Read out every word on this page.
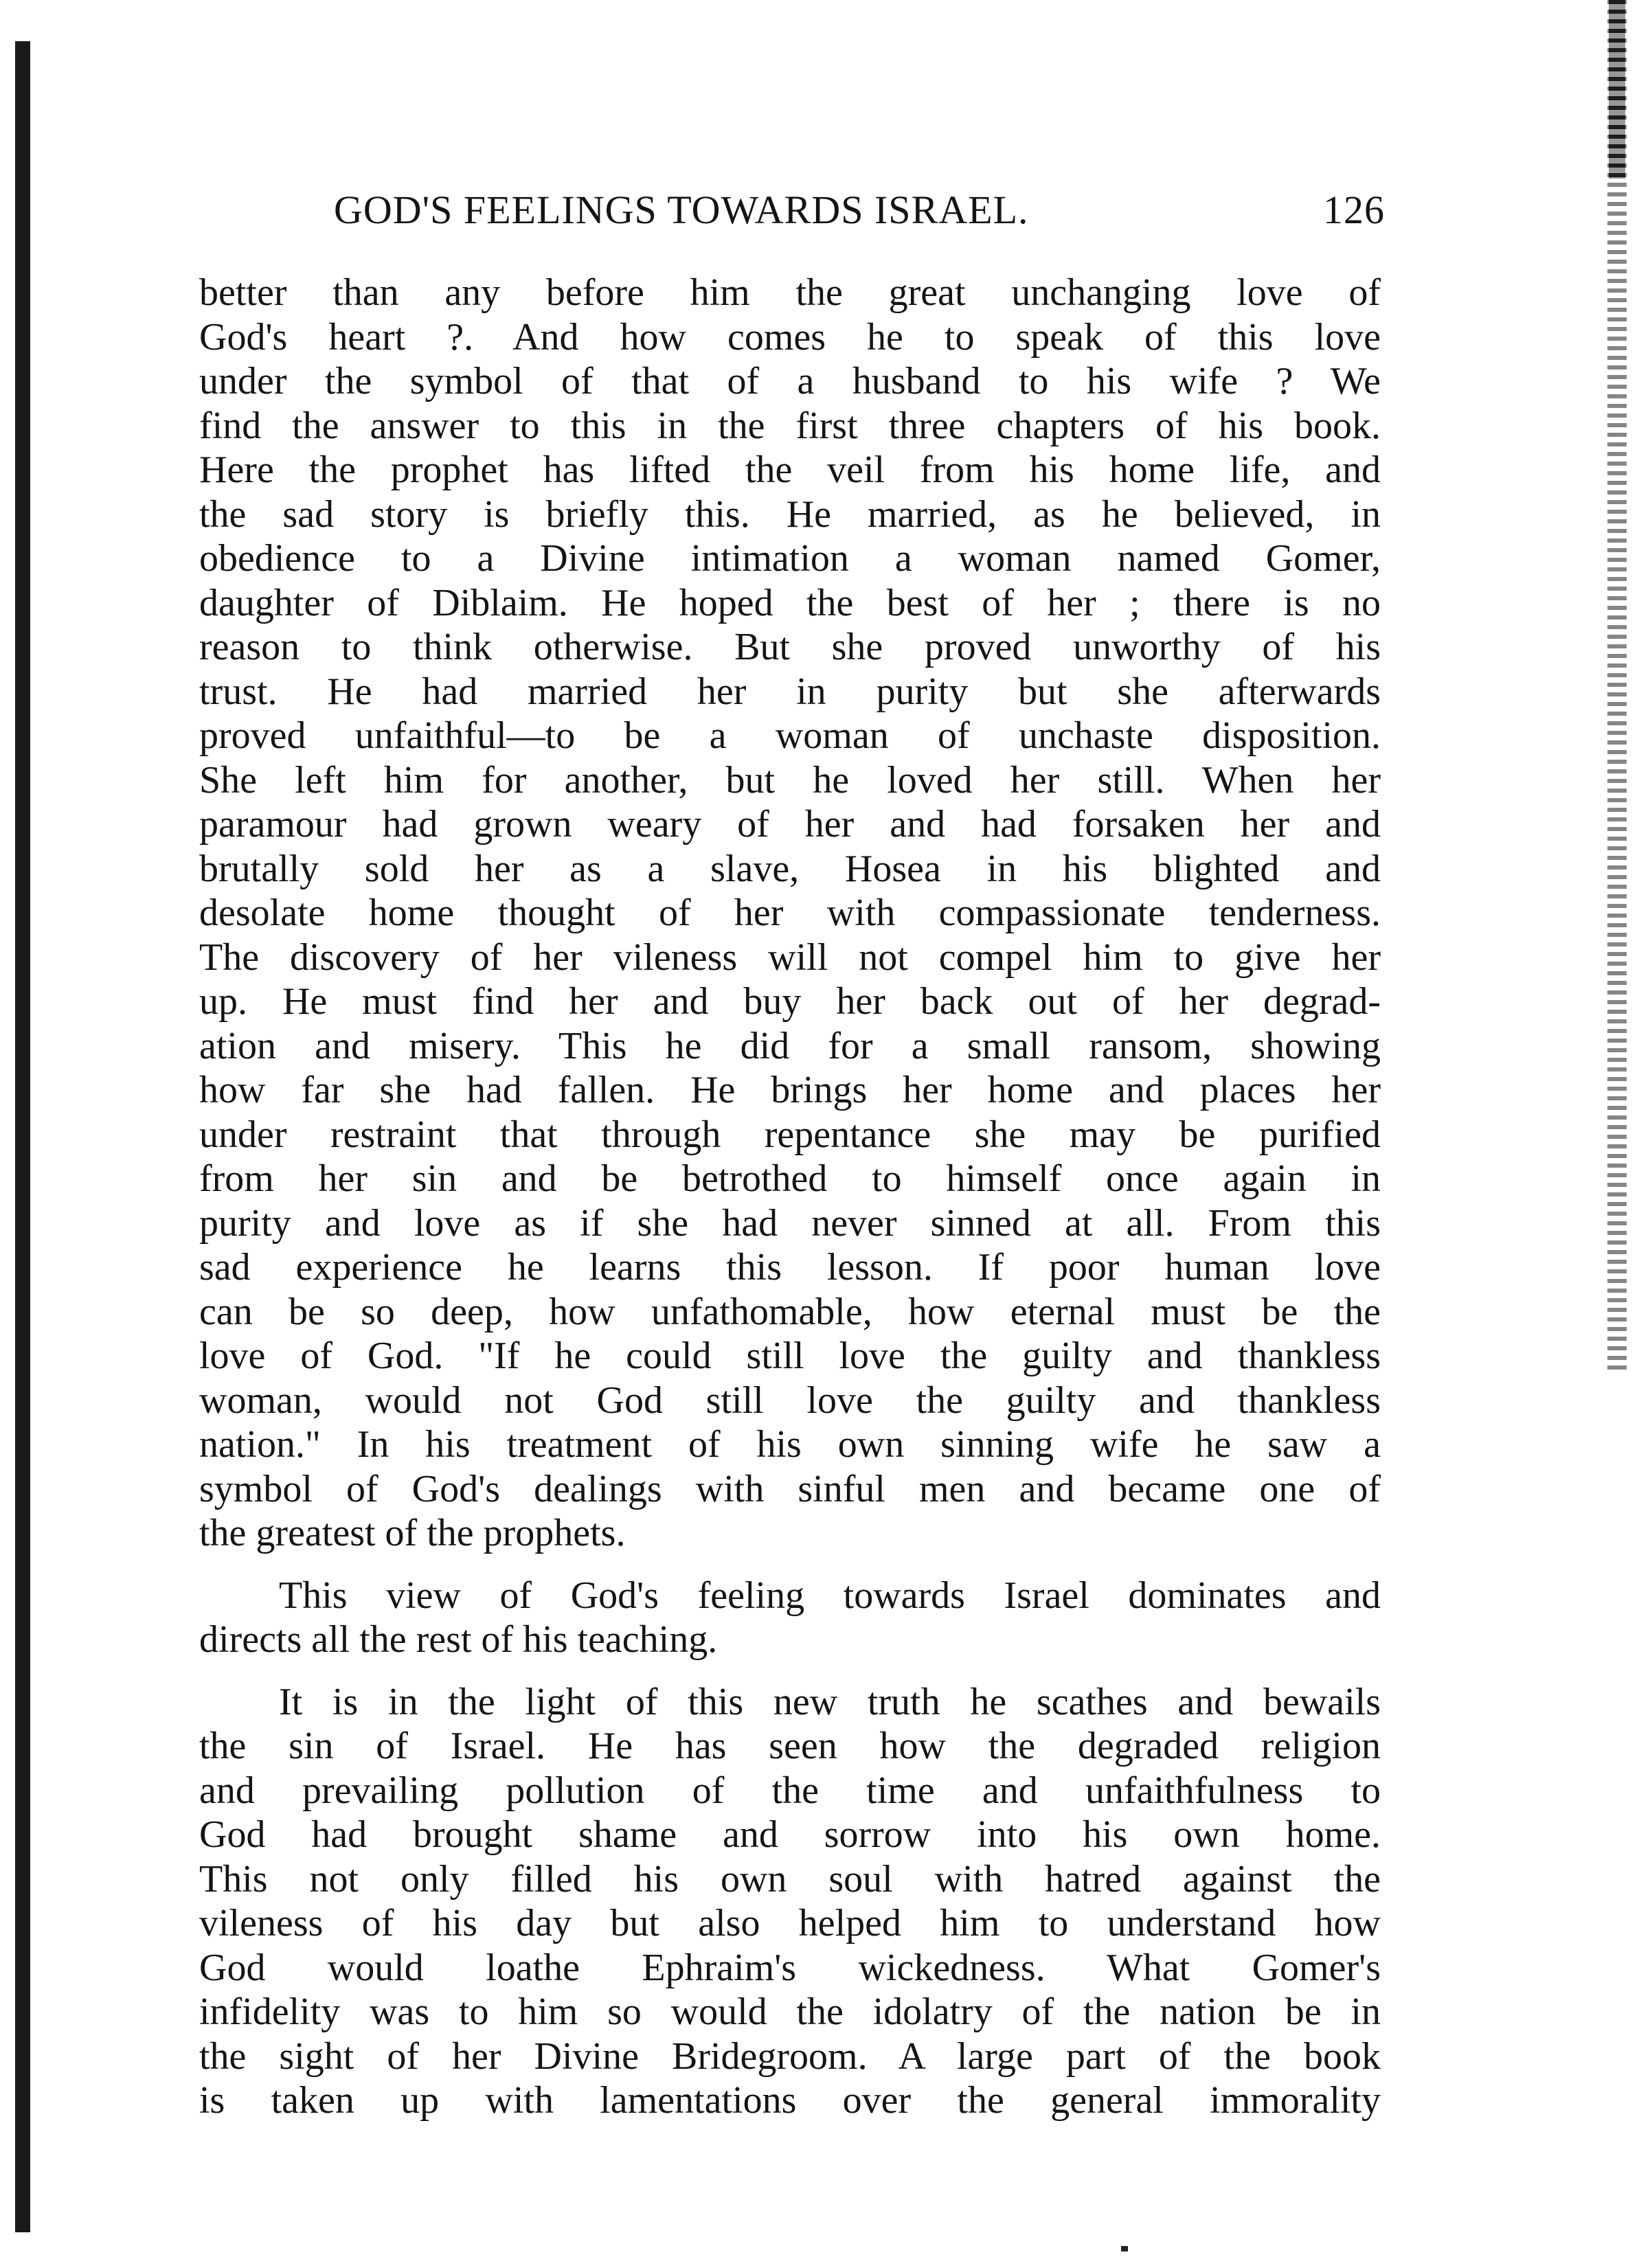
GOD'S FEELINGS TOWARDS ISRAEL.	126

better than any before him the great unchanging love of
God's heart ?. And how comes he to speak of this love
under the symbol of that of a husband to his wife ? We
find the answer to this in the first three chapters of his book.
Here the prophet has lifted the veil from his home life, and
the sad story is briefly this. He married, as he believed, in
obedience to a Divine intimation a woman named Gomer,
daughter of Diblaim. He hoped the best of her ; there is no
reason to think otherwise. But she proved unworthy of his
trust. He had married her in purity but she afterwards
proved unfaithful—to be a woman of unchaste disposition.
She left him for another, but he loved her still. When her
paramour had grown weary of her and had forsaken her and
brutally sold her as a slave, Hosea in his blighted and
desolate home thought of her with compassionate tenderness.
The discovery of her vileness will not compel him to give her
up. He must find her and buy her back out of her degrad-
ation and misery. This he did for a small ransom, showing
how far she had fallen. He brings her home and places her
under restraint that through repentance she may be purified
from her sin and be betrothed to himself once again in
purity and love as if she had never sinned at all. From this
sad experience he learns this lesson. If poor human love
can be so deep, how unfathomable, how eternal must be the
love of God. "If he could still love the guilty and thankless
woman, would not God still love the guilty and thankless
nation." In his treatment of his own sinning wife he saw a
symbol of God's dealings with sinful men and became one of
the greatest of the prophets.

This view of God's feeling towards Israel dominates and
directs all the rest of his teaching.

It is in the light of this new truth he scathes and bewails
the sin of Israel. He has seen how the degraded religion
and prevailing pollution of the time and unfaithfulness to
God had brought shame and sorrow into his own home.
This not only filled his own soul with hatred against the
vileness of his day but also helped him to understand how
God would loathe Ephraim's wickedness. What Gomer's
infidelity was to him so would the idolatry of the nation be in
the sight of her Divine Bridegroom. A large part of the book
is taken up with lamentations over the general immorality
